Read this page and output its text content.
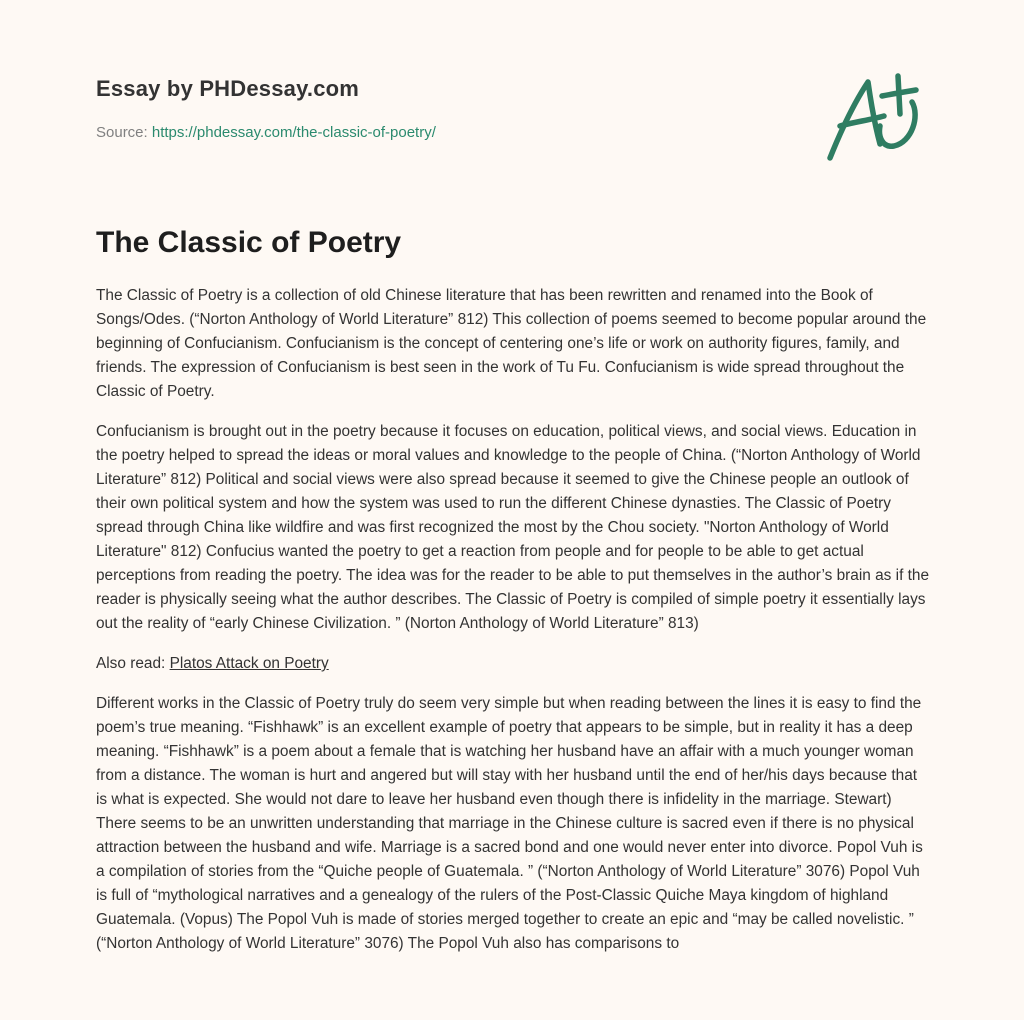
Essay by PHDessay.com
Source: https://phdessay.com/the-classic-of-poetry/
The Classic of Poetry

The Classic of Poetry is a collection of old Chinese literature that has been rewritten and renamed into the Book of Songs/Odes. (“Norton Anthology of World Literature” 812) This collection of poems seemed to become popular around the beginning of Confucianism. Confucianism is the concept of centering one’s life or work on authority figures, family, and friends. The expression of Confucianism is best seen in the work of Tu Fu. Confucianism is wide spread throughout the Classic of Poetry.

Confucianism is brought out in the poetry because it focuses on education, political views, and social views. Education in the poetry helped to spread the ideas or moral values and knowledge to the people of China. (“Norton Anthology of World Literature” 812) Political and social views were also spread because it seemed to give the Chinese people an outlook of their own political system and how the system was used to run the different Chinese dynasties. The Classic of Poetry spread through China like wildfire and was first recognized the most by the Chou society. "Norton Anthology of World Literature" 812) Confucius wanted the poetry to get a reaction from people and for people to be able to get actual perceptions from reading the poetry. The idea was for the reader to be able to put themselves in the author’s brain as if the reader is physically seeing what the author describes. The Classic of Poetry is compiled of simple poetry it essentially lays out the reality of “early Chinese Civilization. ” (Norton Anthology of World Literature” 813)

Also read: Platos Attack on Poetry

Different works in the Classic of Poetry truly do seem very simple but when reading between the lines it is easy to find the poem’s true meaning. “Fishhawk” is an excellent example of poetry that appears to be simple, but in reality it has a deep meaning. “Fishhawk” is a poem about a female that is watching her husband have an affair with a much younger woman from a distance. The woman is hurt and angered but will stay with her husband until the end of her/his days because that is what is expected. She would not dare to leave her husband even though there is infidelity in the marriage. Stewart) There seems to be an unwritten understanding that marriage in the Chinese culture is sacred even if there is no physical attraction between the husband and wife. Marriage is a sacred bond and one would never enter into divorce. Popol Vuh is a compilation of stories from the “Quiche people of Guatemala. ” (“Norton Anthology of World Literature” 3076) Popol Vuh is full of “mythological narratives and a genealogy of the rulers of the Post-Classic Quiche Maya kingdom of highland Guatemala. (Vopus) The Popol Vuh is made of stories merged together to create an epic and “may be called novelistic. ” (“Norton Anthology of World Literature” 3076) The Popol Vuh also has comparisons to
